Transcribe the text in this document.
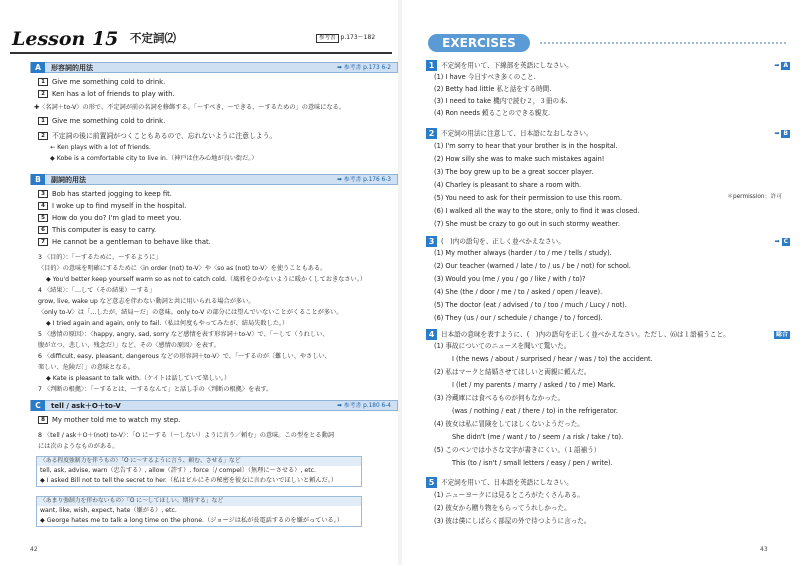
Lesson 15 不定詞⑵	参考書 p.173～182
A	形容詞的用法	➡ 参考書 p.173 6-2
1 Give me something cold to drink.
2 Ken has a lot of friends to play with.
✚〈名詞＋to-V〉の形で、不定詞が前の名詞を修飾する。「～すべき、～できる、～するための」の意味になる。
1 Give me something cold to drink.
2 不定詞の後に前置詞がつくこともあるので、忘れないように注意しよう。
← Ken plays with a lot of friends.
◆ Kobe is a comfortable city to live in.（神戸は住み心地が良い街だ。）
B	副詞的用法	➡ 参考書 p.176 6-3
3 Bob has started jogging to keep fit.
4 I woke up to find myself in the hospital.
5 How do you do? I'm glad to meet you.
6 This computer is easy to carry.
7 He cannot be a gentleman to behave like that.
3 〈目的〉：「～するために、～するように」
〈目的〉の意味を明確にするために〈in order (not) to-V〉や〈so as (not) to-V〉を使うこともある。
◆ You'd better keep yourself warm so as not to catch cold.（風邪をひかないように暖かくしておきなさい。）
4 〈結果〉：「…して（その結果）～する」
grow, live, wake up など意志を伴わない動詞と共に用いられる場合が多い。
〈only to-V〉は「…したが、結局～だ」の意味。only to-V の部分には望んでいないことがくることが多い。
◆ I tried again and again, only to fail.（私は何度もやってみたが、結局失敗した。）
5 〈感情の原因〉：〈happy, angry, sad, sorry など感情を表す形容詞＋to-V〉で、「～して（うれしい、
腹が立つ、悲しい、残念だ）」など、その〈感情の原因〉を表す。
6 〈difficult, easy, pleasant, dangerous などの形容詞＋to-V〉で、「～するのが〔難しい、やさしい、
楽しい、危険だ〕」の意味となる。
◆ Kate is pleasant to talk with.（ケイトは話していて楽しい。）
7 〈判断の根拠〉：「～するとは、～するなんて」と話し手の〈判断の根拠〉を表す。
C	tell / ask＋O＋to-V	➡ 参考書 p.180 6-4
8 My mother told me to watch my step.
8 〈tell / ask＋O＋(not) to-V〉：「O に～する（～しない）ように言う／頼む」の意味。この型をとる動詞
には次のようなものがある。
〈ある程度強制力を伴うもの〉「O に～するように言う、頼む、させる」など
tell, ask, advise, warn（忠告する）, allow（許す）, force〔/ compel〕（無理に～させる）, etc.
◆ I asked Bill not to tell the secret to her.（私はビルにその秘密を彼女に言わないでほしいと頼んだ。）
〈あまり強制力を伴わないもの〉「O に～してほしい、期待する」など
want, like, wish, expect, hate（嫌がる）, etc.
◆ George hates me to talk a long time on the phone.（ジョージは私が長電話するのを嫌がっている。）
42
EXERCISES
1 不定詞を用いて、下線部を英語にしなさい。	➡ A
(1) I have 今日すべき多くのこと.
(2) Betty had little 私と話をする時間.
(3) I need to take 機内で読む２，３冊の本.
(4) Ron needs 頼ることのできる親友.
2 不定詞の用法に注意して、日本語になおしなさい。	➡ B
(1) I'm sorry to hear that your brother is in the hospital.
(2) How silly she was to make such mistakes again!
(3) The boy grew up to be a great soccer player.
(4) Charley is pleasant to share a room with.
(5) You need to ask for their permission to use this room.	＊permission：許可
(6) I walked all the way to the store, only to find it was closed.
(7) She must be crazy to go out in such stormy weather.
3 (　)内の語句を、正しく並べかえなさい。	➡ C
(1) My mother always (harder / to / me / tells / study).
(2) Our teacher (warned / late / to / us / be / not) for school.
(3) Would you (me / you / go / like / with / to)?
(4) She (the / door / me / to / asked / open / leave).
(5) The doctor (eat / advised / to / too / much / Lucy / not).
(6) They (us / our / schedule / change / to / forced).
4 日本語の意味を表すように、(　)内の語句を正しく並べかえなさい。ただし、⑹は１語補うこと。	総合
(1) 事故についてのニュースを聞いて驚いた。
I (the news / about / surprised / hear / was / to) the accident.
(2) 私はマークと結婚させてほしいと両親に頼んだ。
I (let / my parents / marry / asked / to / me) Mark.
(3) 冷蔵庫には食べるものが何もなかった。
(was / nothing / eat / there / to) in the refrigerator.
(4) 彼女は私に冒険をしてほしくないようだった。
She didn't (me / want / to / seem / a risk / take / to).
(5) このペンでは小さな文字が書きにくい。（１語補う）
This (to / isn't / small letters / easy / pen / write).
5 不定詞を用いて、日本語を英語にしなさい。
(1) ニューヨークには見るところがたくさんある。
(2) 彼女から贈り物をもらってうれしかった。
(3) 彼は僕にしばらく部屋の外で待つように言った。
43
